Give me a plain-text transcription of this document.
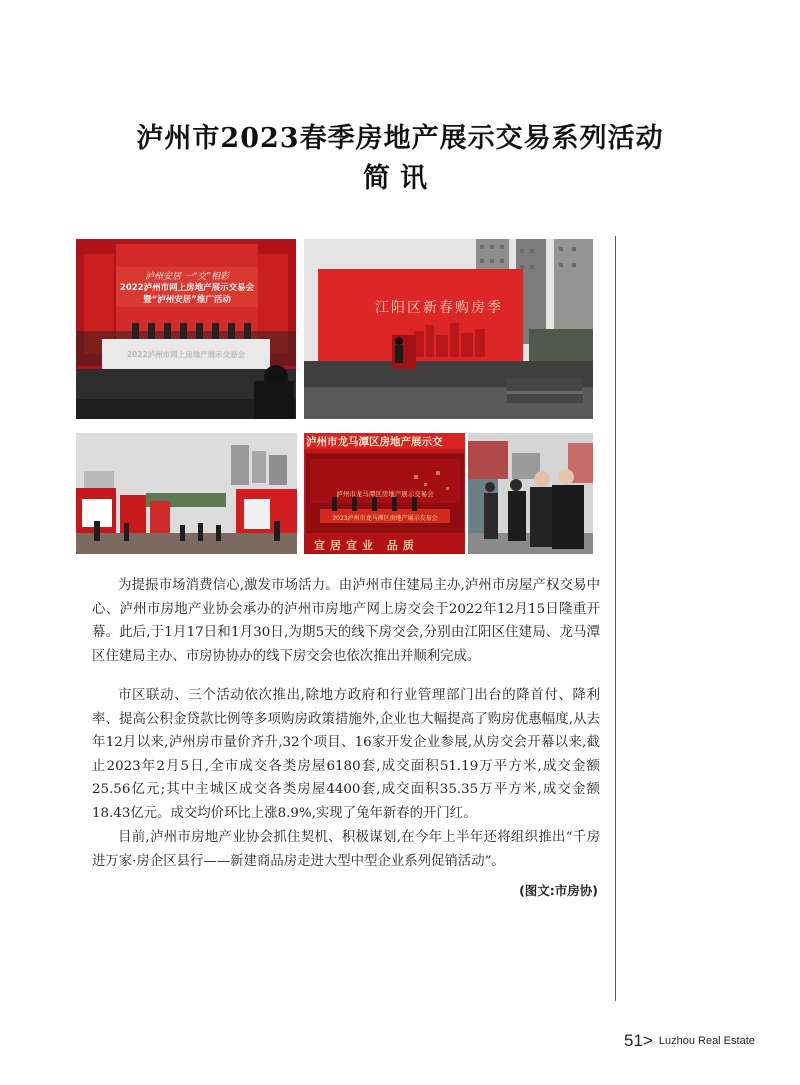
泸州市2023春季房地产展示交易系列活动
简讯
泸州安居 一“交”相彩
2022泸州市网上房地产展示交易会
暨“泸州安居”推广活动
2022泸州市网上房地产展示交易会
江阳区新春购房季
泸州市龙马潭区房地产展示交
泸州市龙马潭区房地产展示交易会
2023泸州市龙马潭区房地产展示交易会
宜居宜业 品质

为提振市场消费信心,激发市场活力。由泸州市住建局主办,泸州市房屋产权交易中心、泸州市房地产业协会承办的泸州市房地产网上房交会于2022年12月15日隆重开幕。此后,于1月17日和1月30日,为期5天的线下房交会,分别由江阳区住建局、龙马潭区住建局主办、市房协协办的线下房交会也依次推出并顺利完成。

市区联动、三个活动依次推出,除地方政府和行业管理部门出台的降首付、降利率、提高公积金贷款比例等多项购房政策措施外,企业也大幅提高了购房优惠幅度,从去年12月以来,泸州房市量价齐升,32个项目、16家开发企业参展,从房交会开幕以来,截止2023年2月5日,全市成交各类房屋6180套,成交面积51.19万平方米,成交金额25.56亿元;其中主城区成交各类房屋4400套,成交面积35.35万平方米,成交金额18.43亿元。成交均价环比上涨8.9%,实现了兔年新春的开门红。

目前,泸州市房地产业协会抓住契机、积极谋划,在今年上半年还将组织推出“千房进万家·房企区县行——新建商品房走进大型中型企业系列促销活动”。

(图文:市房协)
51> Luzhou Real Estate
